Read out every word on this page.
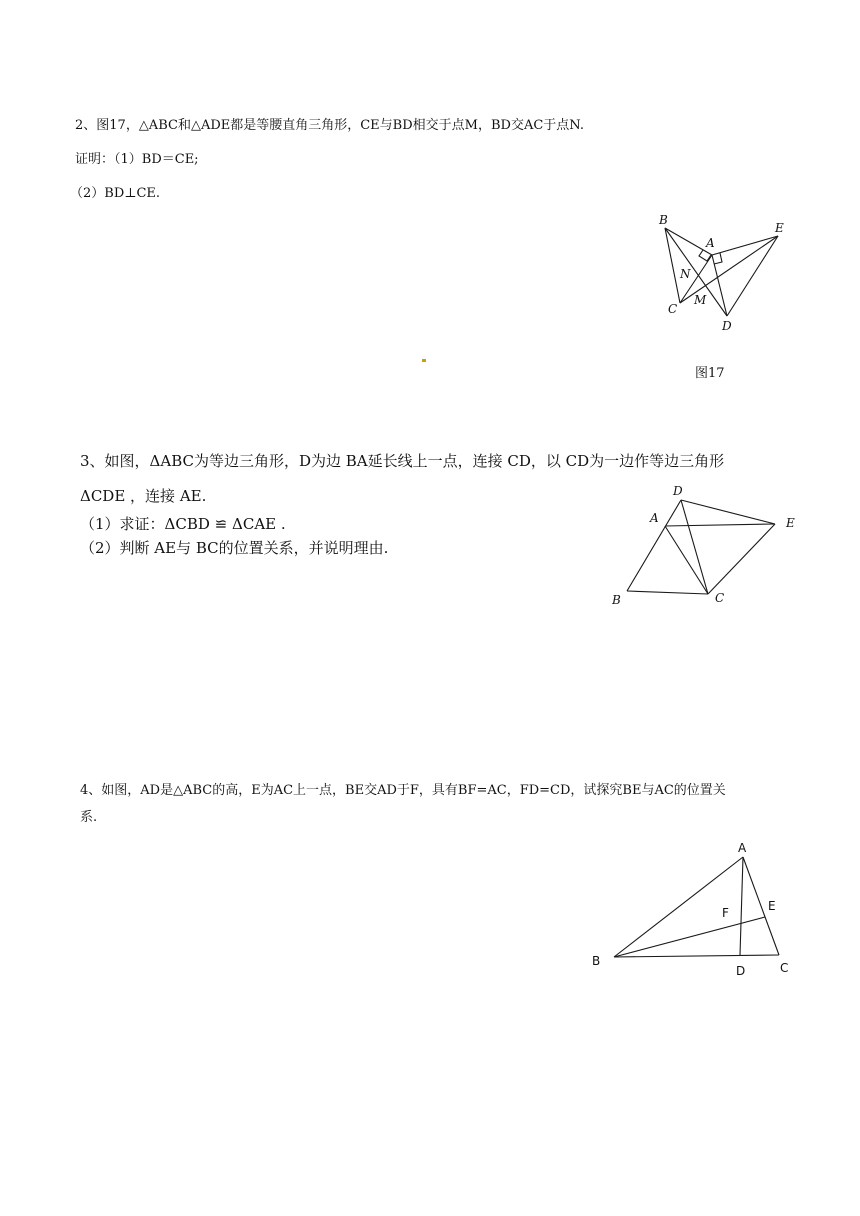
2、图17，△ABC和△ADE都是等腰直角三角形，CE与BD相交于点M，BD交AC于点N.

证明：（1）BD＝CE;

（2）BD⊥CE.

B
A
E
N
C
M
D

图17

3、如图，ΔABC为等边三角形，D为边 BA延长线上一点，连接 CD，以 CD为一边作等边三角形

ΔCDE ，连接 AE.

（1）求证：ΔCBD ≌ ΔCAE .

（2）判断 AE与 BC的位置关系，并说明理由.

D
A	E
B	C

4、如图，AD是△ABC的高，E为AC上一点，BE交AD于F，具有BF=AC，FD=CD，试探究BE与AC的位置关

系.

A
E
F
B
D	C
